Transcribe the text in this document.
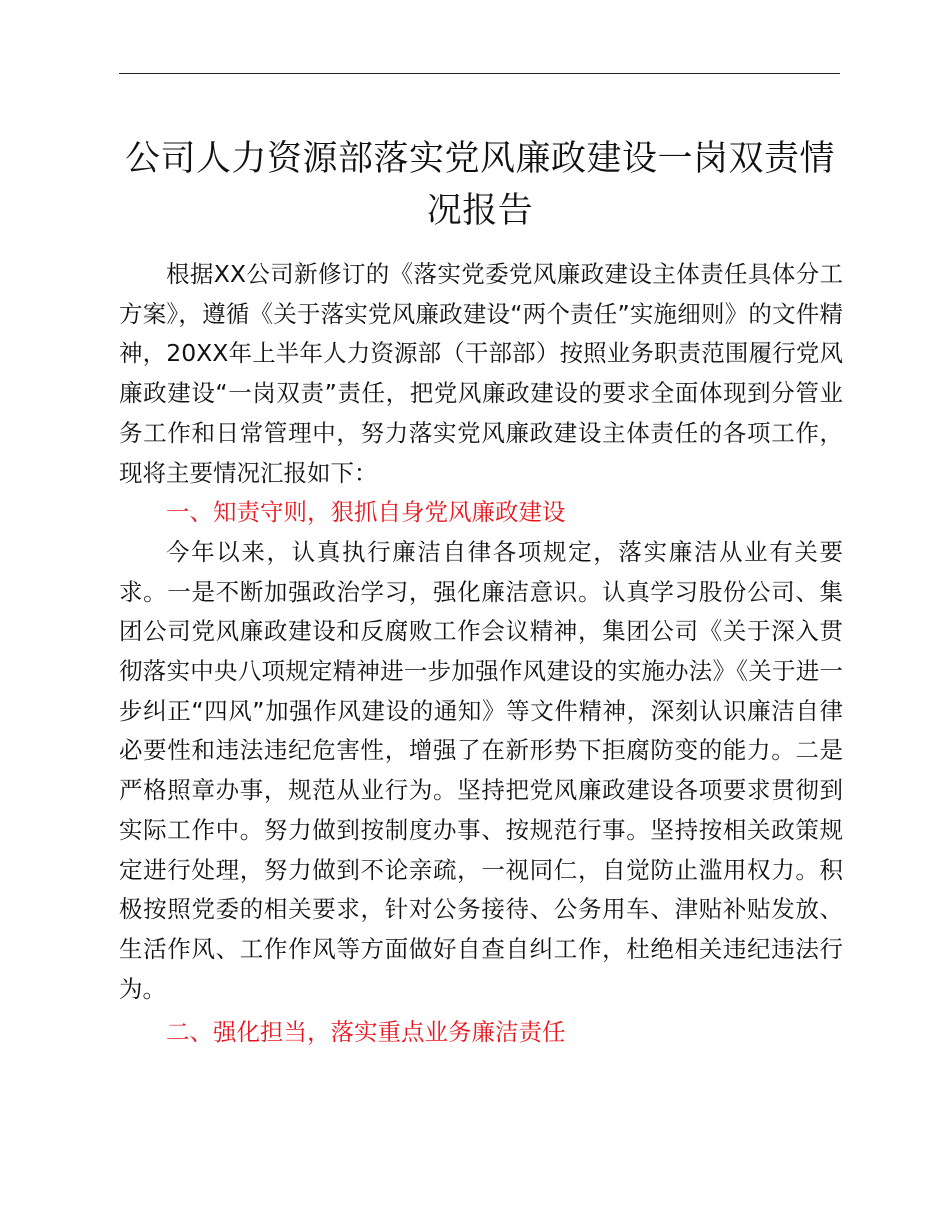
公司人力资源部落实党风廉政建设一岗双责情况报告

根据XX公司新修订的《落实党委党风廉政建设主体责任具体分工方案》，遵循《关于落实党风廉政建设“两个责任”实施细则》的文件精神，20XX年上半年人力资源部（干部部）按照业务职责范围履行党风廉政建设“一岗双责”责任，把党风廉政建设的要求全面体现到分管业务工作和日常管理中，努力落实党风廉政建设主体责任的各项工作，现将主要情况汇报如下：

一、知责守则，狠抓自身党风廉政建设

今年以来，认真执行廉洁自律各项规定，落实廉洁从业有关要求。一是不断加强政治学习，强化廉洁意识。认真学习股份公司、集团公司党风廉政建设和反腐败工作会议精神，集团公司《关于深入贯彻落实中央八项规定精神进一步加强作风建设的实施办法》《关于进一步纠正“四风”加强作风建设的通知》等文件精神，深刻认识廉洁自律必要性和违法违纪危害性，增强了在新形势下拒腐防变的能力。二是严格照章办事，规范从业行为。坚持把党风廉政建设各项要求贯彻到实际工作中。努力做到按制度办事、按规范行事。坚持按相关政策规定进行处理，努力做到不论亲疏，一视同仁，自觉防止滥用权力。积极按照党委的相关要求，针对公务接待、公务用车、津贴补贴发放、生活作风、工作作风等方面做好自查自纠工作，杜绝相关违纪违法行为。

二、强化担当，落实重点业务廉洁责任
